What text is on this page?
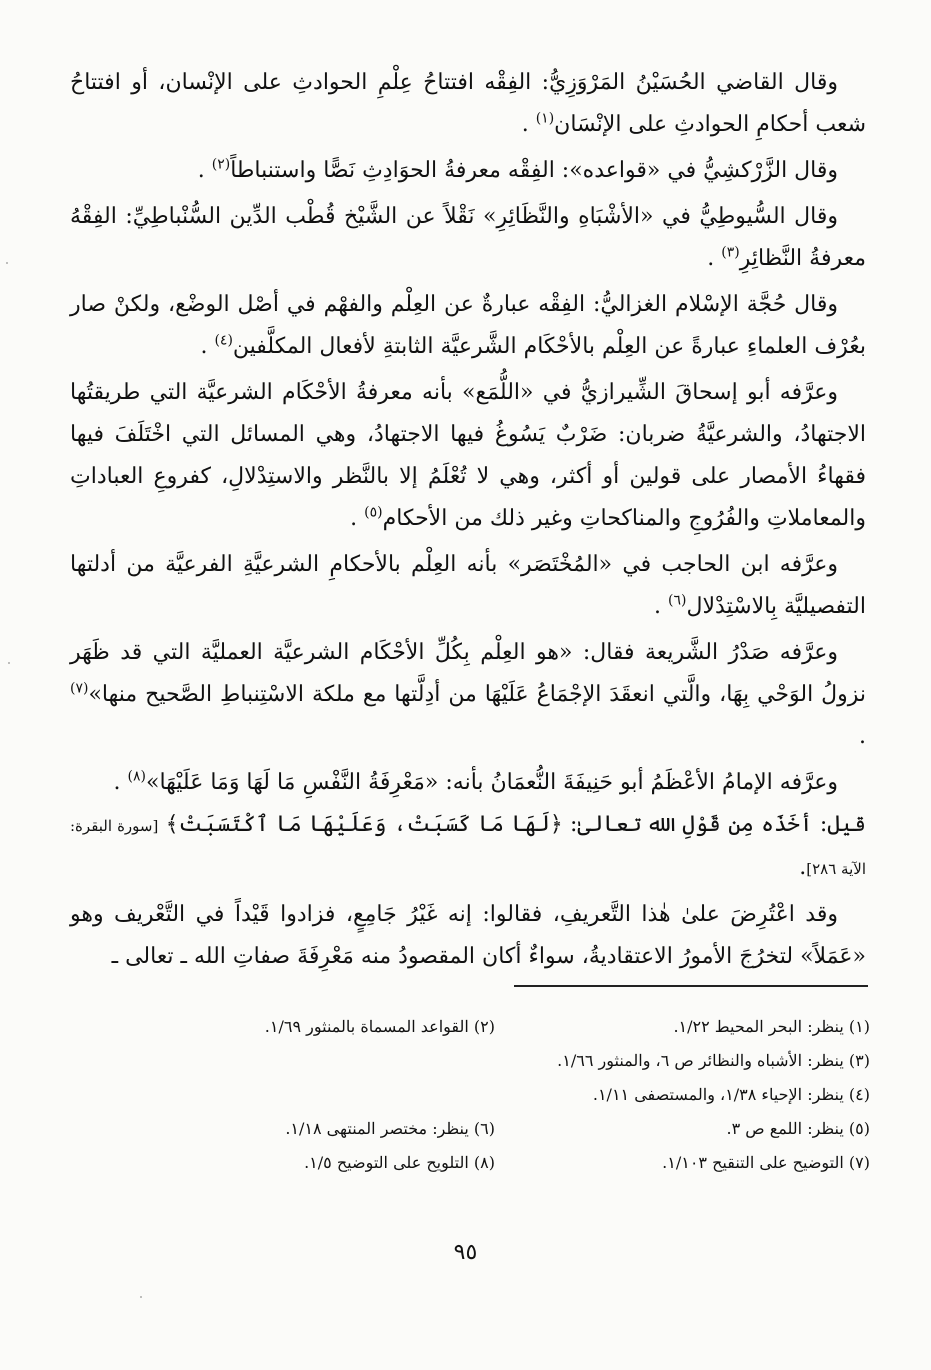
وقال القاضي الحُسَيْنُ المَرْوَزِيُّ: الفِقْه افتتاحُ عِلْمِ الحوادثِ على الإنْسان، أو افتتاحُ شعب أحكامِ الحوادثِ على الإنْسَان$^{(١)}$ .

وقال الزَّرْكشِيُّ في «قواعده»: الفِقْه معرفةُ الحوَادِثِ نَصًّا واستنباطاً$^{(٢)}$ .

وقال السُّيوطِيُّ في «الأشْبَاهِ والنَّظَائِرِ» نَقْلاً عن الشَّيْخ قُطْب الدِّين السُّنْباطِيِّ: الفِقْهُ معرفةُ النَّظائِرِ$^{(٣)}$ .

وقال حُجَّة الإسْلام الغزاليُّ: الفِقْه عبارةٌ عن العِلْم والفهْم في أصْل الوضْع، ولكنْ صار بعُرْف العلماءِ عبارةً عن العِلْم بالأحْكَام الشَّرعيَّة الثابتةِ لأفعال المكلَّفين$^{(٤)}$ .

وعرَّفه أبو إسحاقَ الشِّيرازيُّ في «اللُّمَع» بأنه معرفةُ الأحْكَام الشرعيَّة التي طريقتُها الاجتهادُ، والشرعيَّةُ ضربان: ضَرْبٌ يَسُوغُ فيها الاجتهادُ، وهي المسائل التي اخْتَلَفَ فيها فقهاءُ الأمصار على قولين أو أكثر، وهي لا تُعْلَمُ إلا بالنَّظر والاستِدْلالِ، كفروعِ العباداتِ والمعاملاتِ والفُرُوجِ والمناكحاتِ وغير ذلك من الأحكام$^{(٥)}$ .

وعرَّفه ابن الحاجب في «المُخْتَصَر» بأنه العِلْم بالأحكامِ الشرعيَّةِ الفرعيَّة من أدلتها التفصيليَّة بِالاسْتِدْلال$^{(٦)}$ .

وعرَّفه صَدْرُ الشَّريعة فقال: «هو العِلْم بِكُلِّ الأحْكَام الشرعيَّة العمليَّة التي قد ظَهَر نزولُ الوَحْي بِهَا، والَّتي انعقَدَ الإجْمَاعُ عَلَيْهَا من أدِلَّتها مع ملكة الاسْتِنباطِ الصَّحيح منها»$^{(٧)}$ .

وعرَّفه الإمامُ الأعْظَمُ أبو حَنِيفَةَ النُّعمَانُ بأنه: «مَعْرِفَةُ النَّفْسِ مَا لَهَا وَمَا عَلَيْهَا»$^{(٨)}$ .
قيل: أخَذَه مِن قَوْلِ الله تعالىٰ: ﴿لَهَا مَا كَسَبَتْ، وَعَلَيْهَا مَا ٱكْتَسَبَتْ﴾ [سورة البقرة: الآية ٢٨٦].

وقد اعْتُرِضَ علىٰ هٰذا التَّعريفِ، فقالوا: إنه غَيْرُ جَامِعٍ، فزادوا قَيْداً في التَّعْريف وهو «عَمَلاً» لتخرُجَ الأمورُ الاعتقاديةُ، سواءٌ أكان المقصودُ منه مَعْرِفَةَ صفاتِ الله ـ تعالى ـ

(١) ينظر: البحر المحيط ١/٢٢.
(٢) القواعد المسماة بالمنثور ١/٦٩.
(٣) ينظر: الأشباه والنظائر ص ٦، والمنثور ١/٦٦.
(٤) ينظر: الإحياء ١/٣٨، والمستصفى ١/١١.
(٥) ينظر: اللمع ص ٣.
(٦) ينظر: مختصر المنتهى ١/١٨.
(٧) التوضيح على التنقيح ١/١٠٣.
(٨) التلويح على التوضيح ١/٥.
٩٥
